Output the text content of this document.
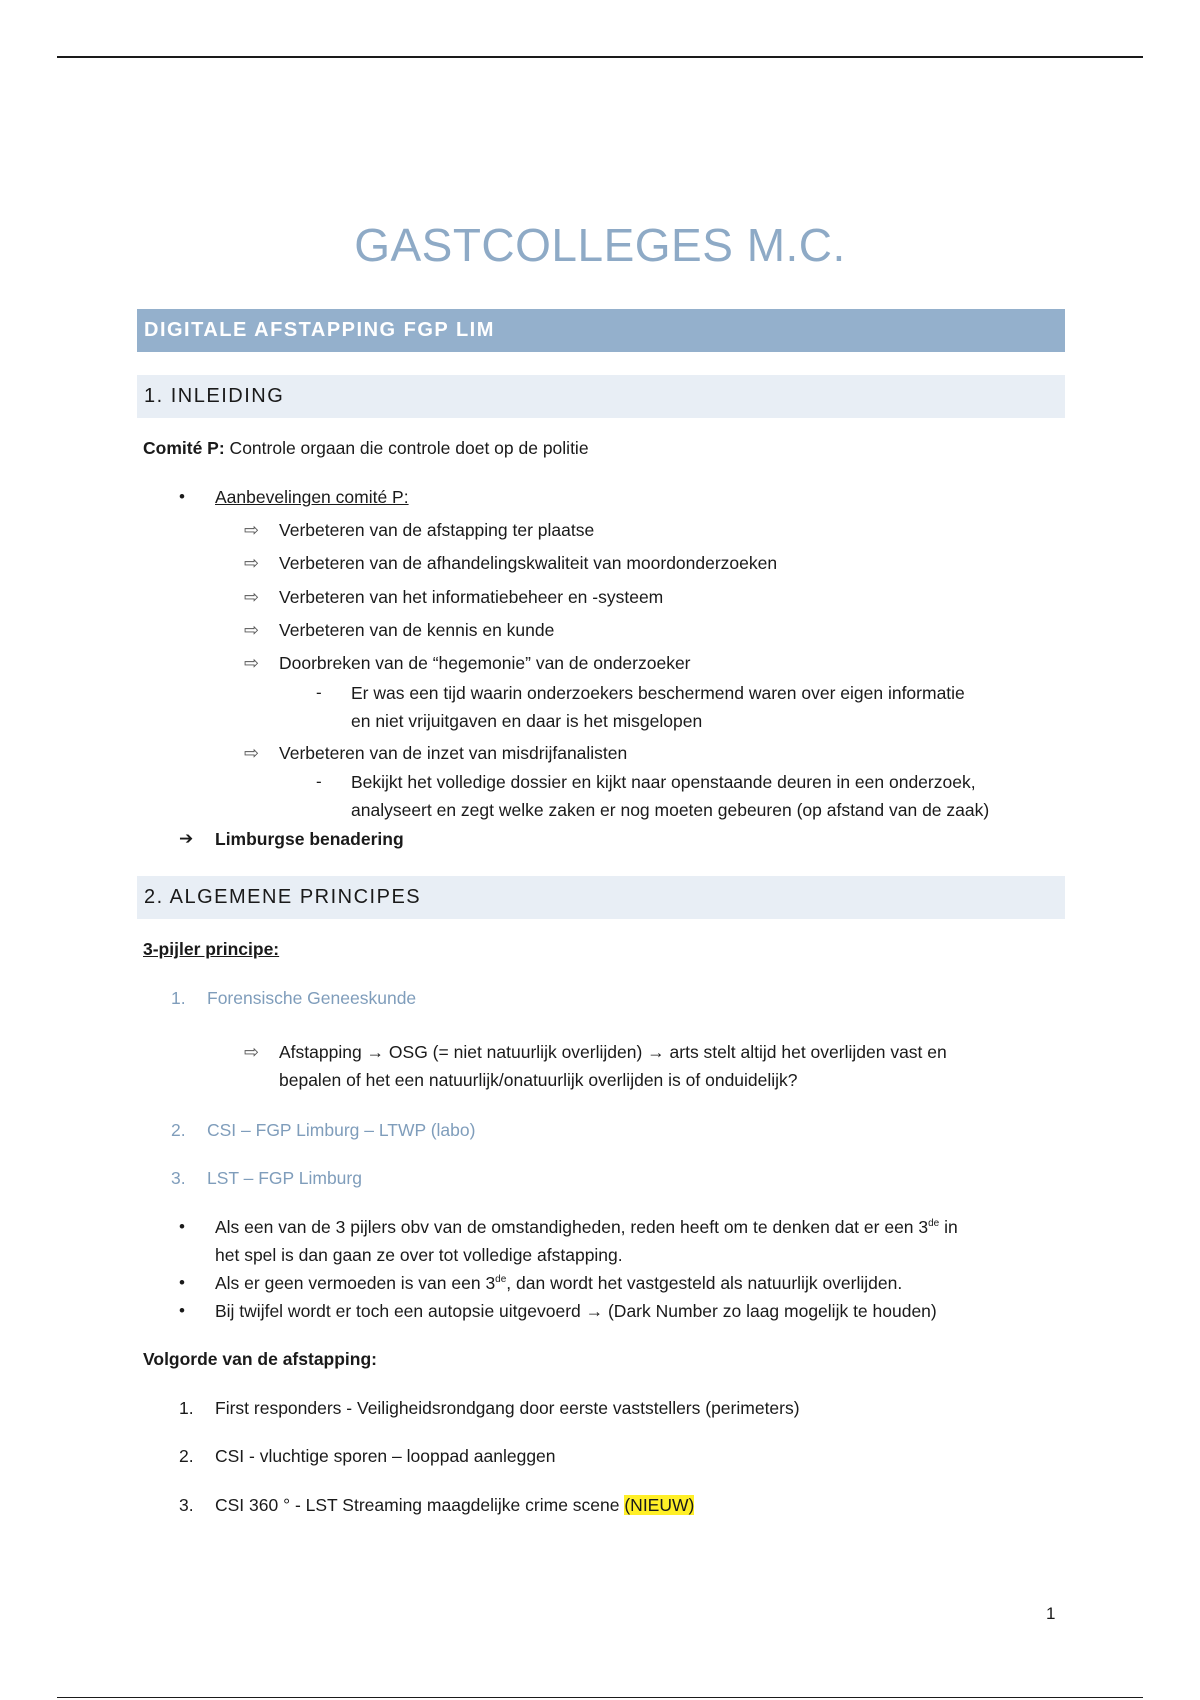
GASTCOLLEGES M.C.
DIGITALE AFSTAPPING FGP LIM
1. INLEIDING
Comité P: Controle orgaan die controle doet op de politie
• Aanbevelingen comité P:
⇨ Verbeteren van de afstapping ter plaatse
⇨ Verbeteren van de afhandelingskwaliteit van moordonderzoeken
⇨ Verbeteren van het informatiebeheer en -systeem
⇨ Verbeteren van de kennis en kunde
⇨ Doorbreken van de “hegemonie” van de onderzoeker
- Er was een tijd waarin onderzoekers beschermend waren over eigen informatie
en niet vrijuitgaven en daar is het misgelopen
⇨ Verbeteren van de inzet van misdrijfanalisten
- Bekijkt het volledige dossier en kijkt naar openstaande deuren in een onderzoek,
analyseert en zegt welke zaken er nog moeten gebeuren (op afstand van de zaak)
➔ Limburgse benadering
2. ALGEMENE PRINCIPES
3-pijler principe:
1. Forensische Geneeskunde
⇨ Afstapping → OSG (= niet natuurlijk overlijden) → arts stelt altijd het overlijden vast en
bepalen of het een natuurlijk/onatuurlijk overlijden is of onduidelijk?
2. CSI – FGP Limburg – LTWP (labo)
3. LST – FGP Limburg
• Als een van de 3 pijlers obv van de omstandigheden, reden heeft om te denken dat er een 3de in
het spel is dan gaan ze over tot volledige afstapping.
• Als er geen vermoeden is van een 3de, dan wordt het vastgesteld als natuurlijk overlijden.
• Bij twijfel wordt er toch een autopsie uitgevoerd → (Dark Number zo laag mogelijk te houden)
Volgorde van de afstapping:
1. First responders - Veiligheidsrondgang door eerste vaststellers (perimeters)
2. CSI - vluchtige sporen – looppad aanleggen
3. CSI 360 ° - LST Streaming maagdelijke crime scene (NIEUW)
1
